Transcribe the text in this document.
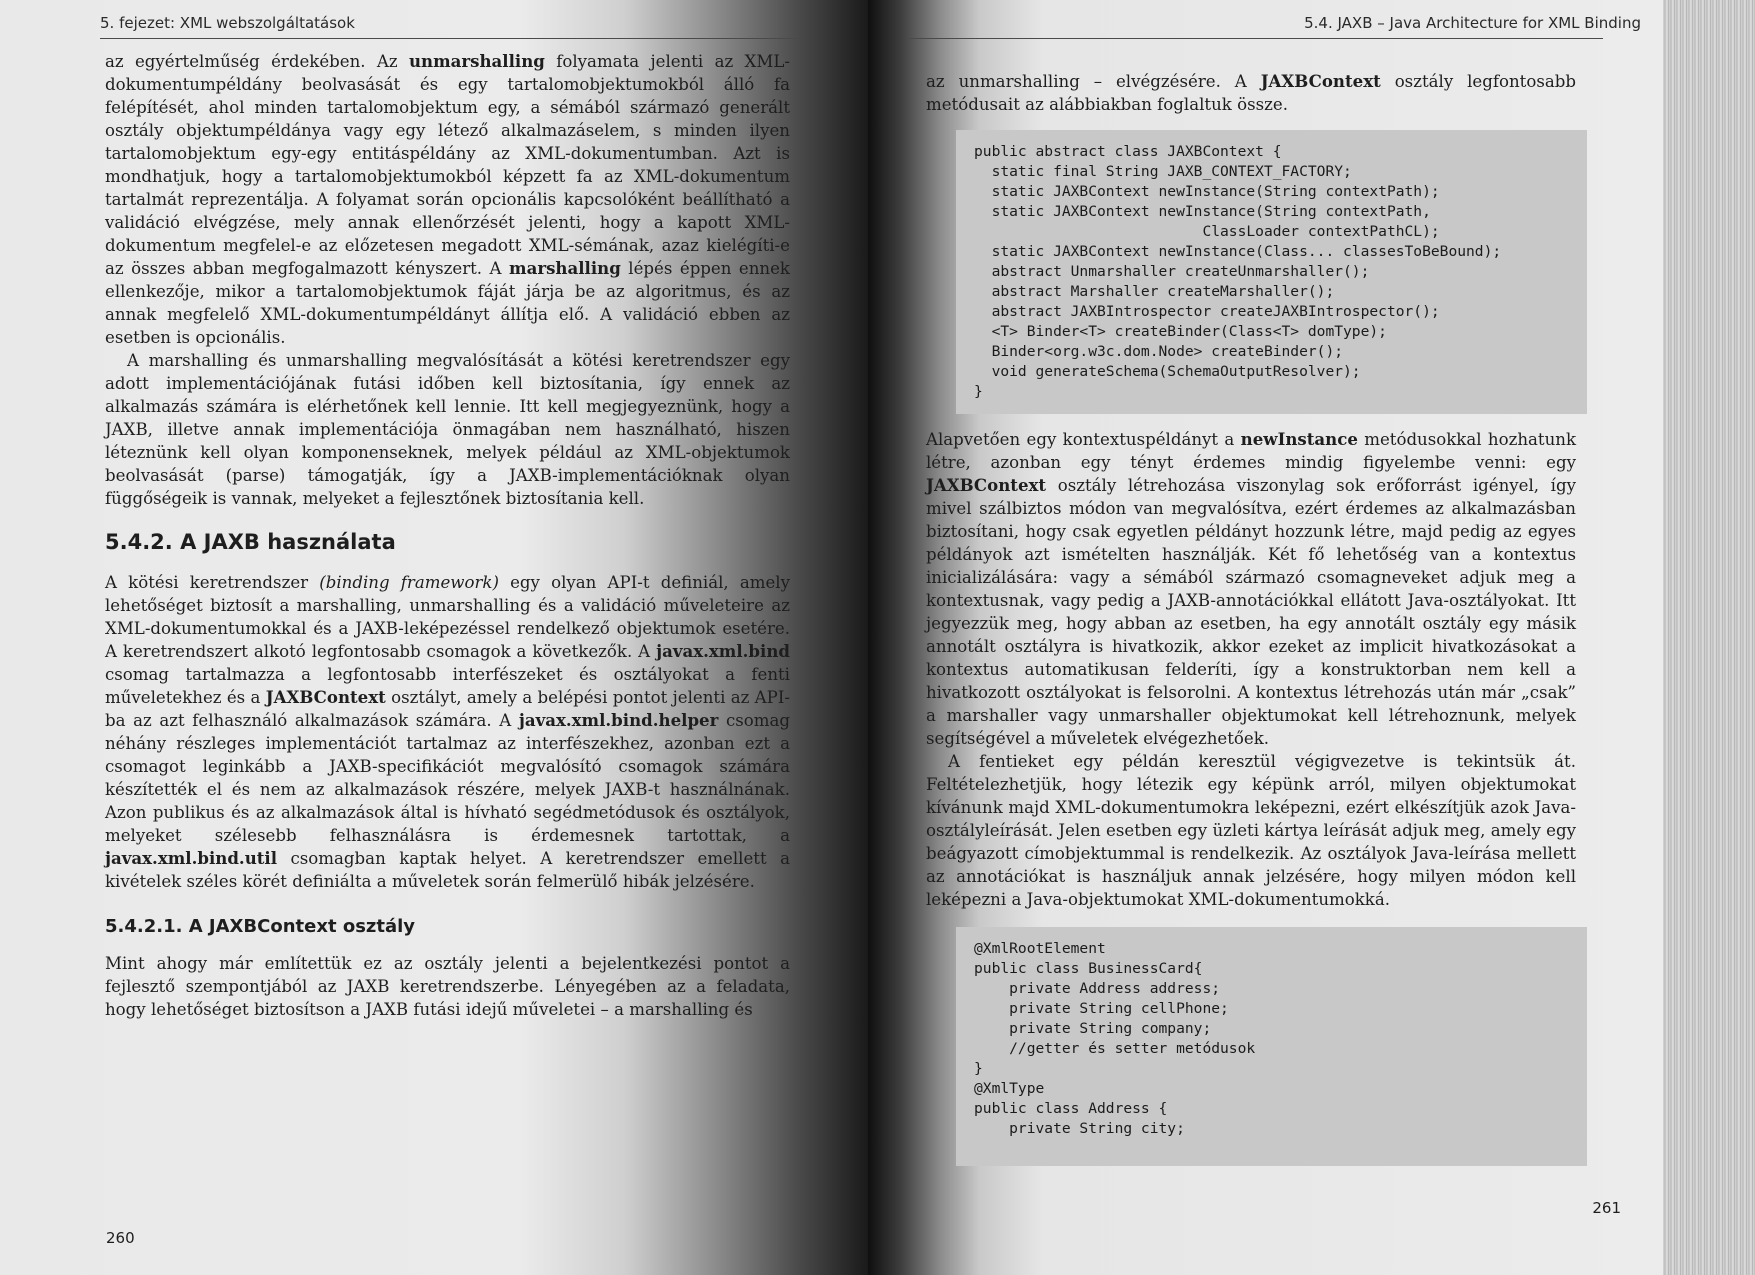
5. fejezet: XML webszolgáltatások

az egyértelműség érdekében. Az unmarshalling folyamata jelenti az XML-dokumentumpéldány beolvasását és egy tartalomobjektumokból álló fa felépítését, ahol minden tartalomobjektum egy, a sémából származó generált osztály objektumpéldánya vagy egy létező alkalmazáselem, s minden ilyen tartalomobjektum egy-egy entitáspéldány az XML-dokumentumban. Azt is mondhatjuk, hogy a tartalomobjektumokból képzett fa az XML-dokumentum tartalmát reprezentálja. A folyamat során opcionális kapcsolóként beállítható a validáció elvégzése, mely annak ellenőrzését jelenti, hogy a kapott XML-dokumentum megfelel-e az előzetesen megadott XML-sémának, azaz kielégíti-e az összes abban megfogalmazott kényszert. A marshalling lépés éppen ennek ellenkezője, mikor a tartalomobjektumok fáját járja be az algoritmus, és az annak megfelelő XML-dokumentumpéldányt állítja elő. A validáció ebben az esetben is opcionális.

A marshalling és unmarshalling megvalósítását a kötési keretrendszer egy adott implementációjának futási időben kell biztosítania, így ennek az alkalmazás számára is elérhetőnek kell lennie. Itt kell megjegyeznünk, hogy a JAXB, illetve annak implementációja önmagában nem használható, hiszen léteznünk kell olyan komponenseknek, melyek például az XML-objektumok beolvasását (parse) támogatják, így a JAXB-implementációknak olyan függőségeik is vannak, melyeket a fejlesztőnek biztosítania kell.

5.4.2. A JAXB használata

A kötési keretrendszer (binding framework) egy olyan API-t definiál, amely lehetőséget biztosít a marshalling, unmarshalling és a validáció műveleteire az XML-dokumentumokkal és a JAXB-leképezéssel rendelkező objektumok esetére. A keretrendszert alkotó legfontosabb csomagok a következők. A javax.xml.bind csomag tartalmazza a legfontosabb interfészeket és osztályokat a fenti műveletekhez és a JAXBContext osztályt, amely a belépési pontot jelenti az API-ba az azt felhasználó alkalmazások számára. A javax.xml.bind.helper csomag néhány részleges implementációt tartalmaz az interfészekhez, azonban ezt a csomagot leginkább a JAXB-specifikációt megvalósító csomagok számára készítették el és nem az alkalmazások részére, melyek JAXB-t használnának. Azon publikus és az alkalmazások által is hívható segédmetódusok és osztályok, melyeket szélesebb felhasználásra is érdemesnek tartottak, a javax.xml.bind.util csomagban kaptak helyet. A keretrendszer emellett a kivételek széles körét definiálta a műveletek során felmerülő hibák jelzésére.

5.4.2.1. A JAXBContext osztály

Mint ahogy már említettük ez az osztály jelenti a bejelentkezési pontot a fejlesztő szempontjából az JAXB keretrendszerbe. Lényegében az a feladata, hogy lehetőséget biztosítson a JAXB futási idejű műveletei – a marshalling és

260
5.4. JAXB – Java Architecture for XML Binding

az unmarshalling – elvégzésére. A JAXBContext osztály legfontosabb metódusait az alábbiakban foglaltuk össze.

public abstract class JAXBContext {
static final String JAXB_CONTEXT_FACTORY;
static JAXBContext newInstance(String contextPath);
static JAXBContext newInstance(String contextPath,
ClassLoader contextPathCL);
static JAXBContext newInstance(Class... classesToBeBound);
abstract Unmarshaller createUnmarshaller();
abstract Marshaller createMarshaller();
abstract JAXBIntrospector createJAXBIntrospector();
<T> Binder<T> createBinder(Class<T> domType);
Binder<org.w3c.dom.Node> createBinder();
void generateSchema(SchemaOutputResolver);
}

Alapvetően egy kontextuspéldányt a newInstance metódusokkal hozhatunk létre, azonban egy tényt érdemes mindig figyelembe venni: egy JAXBContext osztály létrehozása viszonylag sok erőforrást igényel, így mivel szálbiztos módon van megvalósítva, ezért érdemes az alkalmazásban biztosítani, hogy csak egyetlen példányt hozzunk létre, majd pedig az egyes példányok azt ismételten használják. Két fő lehetőség van a kontextus inicializálására: vagy a sémából származó csomagneveket adjuk meg a kontextusnak, vagy pedig a JAXB-annotációkkal ellátott Java-osztályokat. Itt jegyezzük meg, hogy abban az esetben, ha egy annotált osztály egy másik annotált osztályra is hivatkozik, akkor ezeket az implicit hivatkozásokat a kontextus automatikusan felderíti, így a konstruktorban nem kell a hivatkozott osztályokat is felsorolni. A kontextus létrehozás után már „csak” a marshaller vagy unmarshaller objektumokat kell létrehoznunk, melyek segítségével a műveletek elvégezhetőek.

A fentieket egy példán keresztül végigvezetve is tekintsük át. Feltételezhetjük, hogy létezik egy képünk arról, milyen objektumokat kívánunk majd XML-dokumentumokra leképezni, ezért elkészítjük azok Java-osztályleírását. Jelen esetben egy üzleti kártya leírását adjuk meg, amely egy beágyazott címobjektummal is rendelkezik. Az osztályok Java-leírása mellett az annotációkat is használjuk annak jelzésére, hogy milyen módon kell leképezni a Java-objektumokat XML-dokumentumokká.

@XmlRootElement
public class BusinessCard{
private Address address;
private String cellPhone;
private String company;
//getter és setter metódusok
}
@XmlType
public class Address {
private String city;
261
